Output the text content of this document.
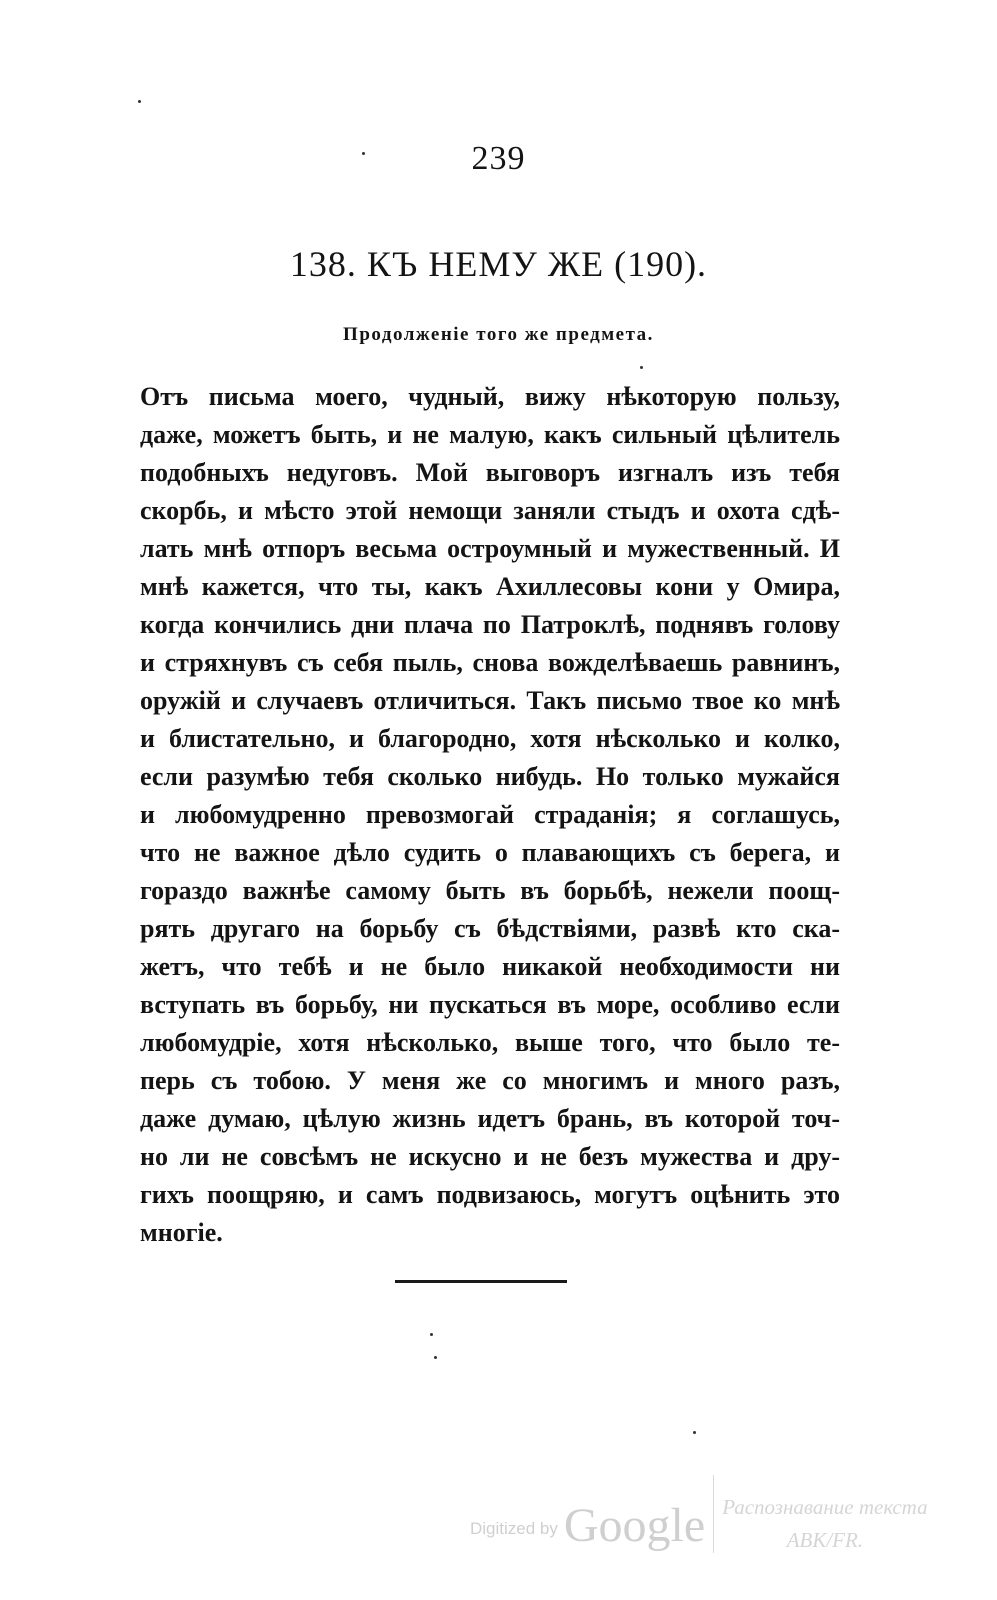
239
138. КЪ НЕМУ ЖЕ (190).
Продолженіе того же предмета.
Отъ письма моего, чудный, вижу нѣкоторую пользу,
даже, можетъ быть, и не малую, какъ сильный цѣлитель
подобныхъ недуговъ. Мой выговоръ изгналъ изъ тебя
скорбь, и мѣсто этой немощи заняли стыдъ и охота сдѣ-
лать мнѣ отпоръ весьма остроумный и мужественный. И
мнѣ кажется, что ты, какъ Ахиллесовы кони у Омира,
когда кончились дни плача по Патроклѣ, поднявъ голову
и стряхнувъ съ себя пыль, снова вожделѣваешь равнинъ,
оружій и случаевъ отличиться. Такъ письмо твое ко мнѣ
и блистательно, и благородно, хотя нѣсколько и колко,
если разумѣю тебя сколько нибудь. Но только мужайся
и любомудренно превозмогай страданія; я соглашусь,
что не важное дѣло судить о плавающихъ съ берега, и
гораздо важнѣе самому быть въ борьбѣ, нежели поощ-
рять другаго на борьбу съ бѣдствіями, развѣ кто ска-
жетъ, что тебѣ и не было никакой необходимости ни
вступать въ борьбу, ни пускаться въ море, особливо если
любомудріе, хотя нѣсколько, выше того, что было те-
перь съ тобою. У меня же со многимъ и много разъ,
даже думаю, цѣлую жизнь идетъ брань, въ которой точ-
но ли не совсѣмъ не искусно и не безъ мужества и дру-
гихъ поощряю, и самъ подвизаюсь, могутъ оцѣнить это
многіе.
Digitized by Google Распознавание текста
АВК/FR.
